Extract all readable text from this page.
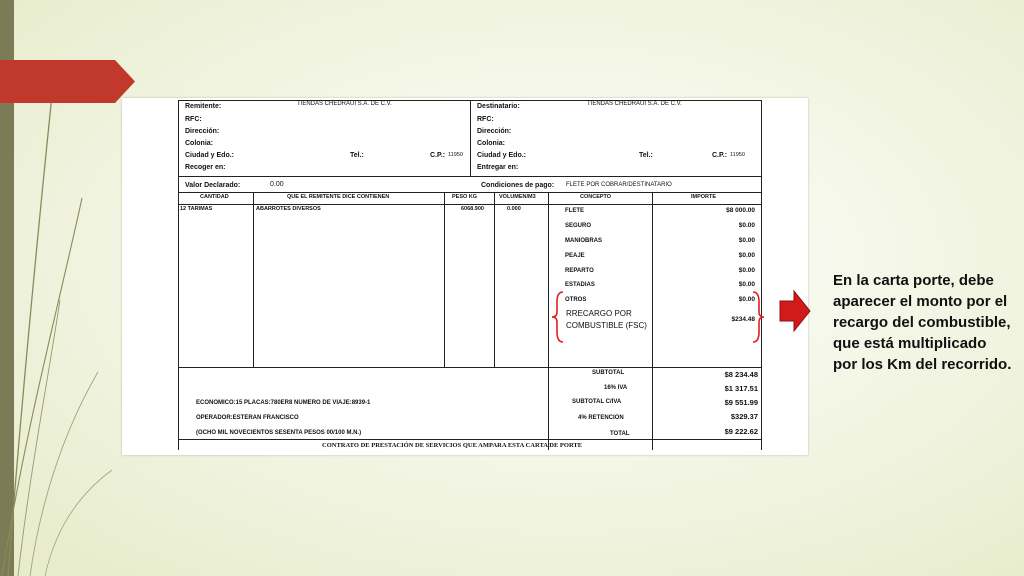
Remitente:	TIENDAS CHEDRAUI S.A. DE C.V.
RFC:
Dirección:
Colonia:
Ciudad y Edo.:	Tel.:	C.P.: 11950
Recoger en:
Destinatario:	TIENDAS CHEDRAUI S.A. DE C.V.
RFC:
Dirección:
Colonia:
Ciudad y Edo.:	Tel.:	C.P.: 11950
Entregar en:
Valor Declarado:	0.00	Condiciones de pago: FLETE POR COBRAR/DESTINATARIO
CANTIDAD	QUE EL REMITENTE DICE CONTIENEN	PESO KG	VOLUMEN/M3	CONCEPTO	IMPORTE
12 TARIMAS	ABARROTES DIVERSOS	6068.900	0.000	FLETE	$8 000.00
SEGURO	$0.00
MANIOBRAS	$0.00
PEAJE	$0.00
REPARTO	$0.00
ESTADIAS	$0.00
OTROS	$0.00
RRECARGO POR
COMBUSTIBLE (FSC)
$234.48
ECONOMICO:15 PLACAS:780ER8 NUMERO DE VIAJE:8939-1
OPERADOR:ESTERAN FRANCISCO
(OCHO MIL NOVECIENTOS SESENTA PESOS 00/100 M.N.)
SUBTOTAL	$8 234.48
16% IVA	$1 317.51
SUBTOTAL C/IVA	$9 551.99
4% RETENCION	$329.37
TOTAL	$9 222.62
CONTRATO DE PRESTACIÓN DE SERVICIOS QUE AMPARA ESTA CARTA DE PORTE
En la carta porte, debe aparecer el monto por el recargo del combustible, que está multiplicado por los Km del recorrido.
